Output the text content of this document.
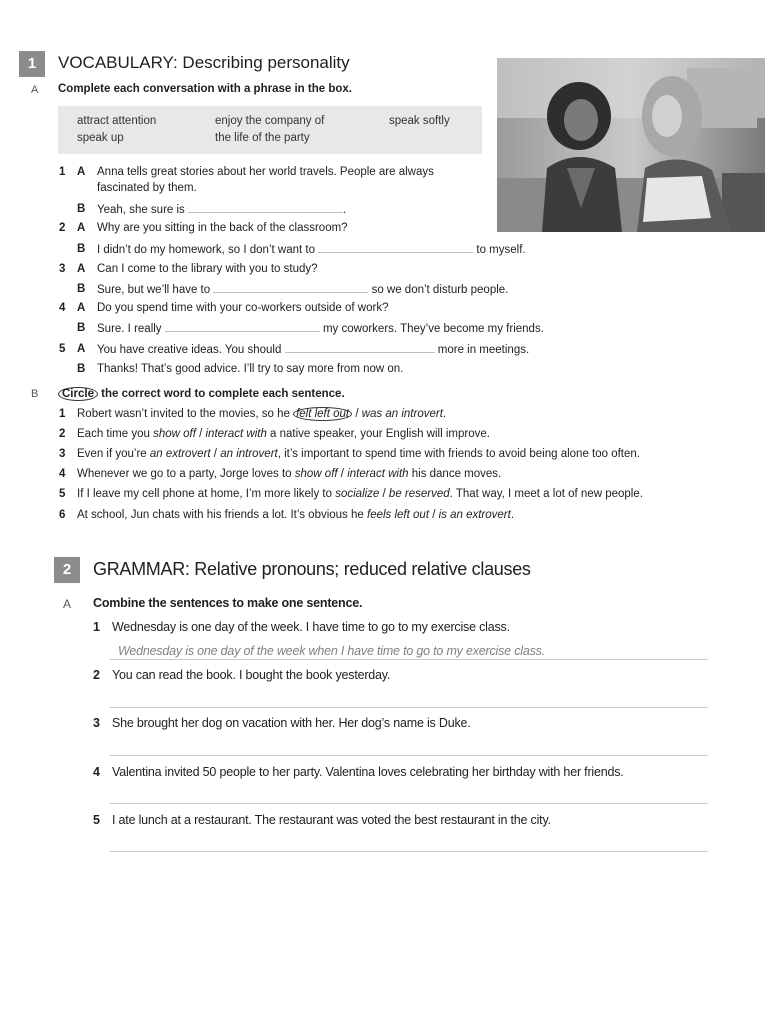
1	VOCABULARY: Describing personality
A Complete each conversation with a phrase in the box.
attract attention	enjoy the company of	speak softly
speak up	the life of the party
1 A Anna tells great stories about her world travels. People are always
fascinated by them.
B Yeah, she sure is	.
2 A Why are you sitting in the back of the classroom?
B I didn’t do my homework, so I don’t want to	to myself.
3 A Can I come to the library with you to study?
B Sure, but we’ll have to	so we don’t disturb people.
4 A Do you spend time with your co-workers outside of work?
B Sure. I really	my coworkers. They’ve become my friends.
5 A You have creative ideas. You should	more in meetings.
B Thanks! That’s good advice. I’ll try to say more from now on.
B	Circle the correct word to complete each sentence.
1 Robert wasn’t invited to the movies, so he felt left out / was an introvert.
2 Each time you show off / interact with a native speaker, your English will improve.
3 Even if you’re an extrovert / an introvert, it’s important to spend time with friends to avoid being alone too often.
4 Whenever we go to a party, Jorge loves to show off / interact with his dance moves.
5 If I leave my cell phone at home, I’m more likely to socialize / be reserved. That way, I meet a lot of new people.
6 At school, Jun chats with his friends a lot. It’s obvious he feels left out / is an extrovert.
2	GRAMMAR: Relative pronouns; reduced relative clauses
A Combine the sentences to make one sentence.
1 Wednesday is one day of the week. I have time to go to my exercise class.
Wednesday is one day of the week when I have time to go to my exercise class.
2 You can read the book. I bought the book yesterday.
3 She brought her dog on vacation with her. Her dog’s name is Duke.
4 Valentina invited 50 people to her party. Valentina loves celebrating her birthday with her friends.
5 I ate lunch at a restaurant. The restaurant was voted the best restaurant in the city.
